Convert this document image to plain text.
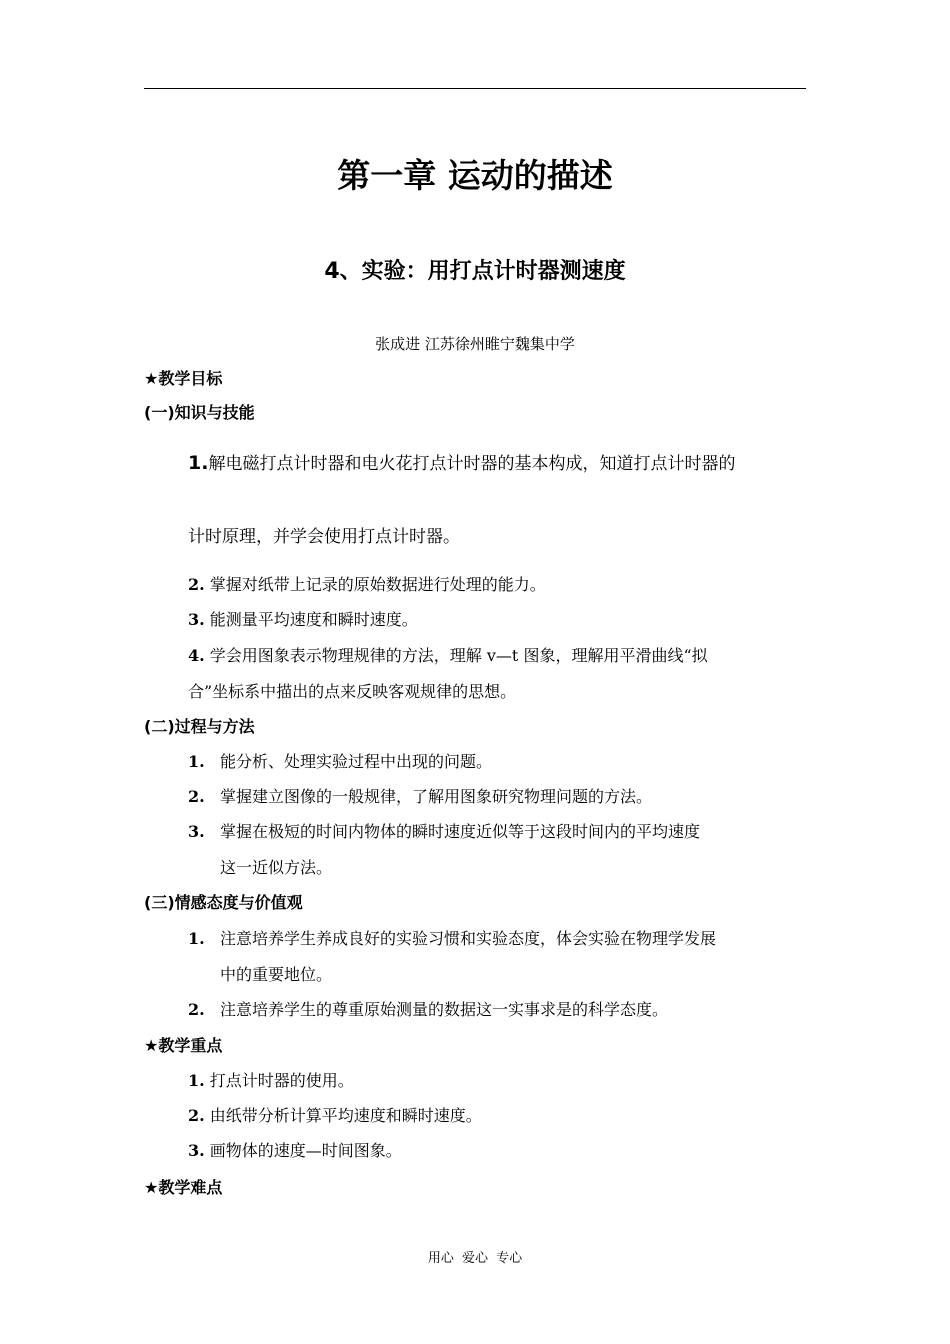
第一章 运动的描述
4、实验：用打点计时器测速度
张成进 江苏徐州睢宁魏集中学
★教学目标
(一)知识与技能
1.解电磁打点计时器和电火花打点计时器的基本构成，知道打点计时器的
计时原理，并学会使用打点计时器。
2. 掌握对纸带上记录的原始数据进行处理的能力。
3. 能测量平均速度和瞬时速度。
4. 学会用图象表示物理规律的方法，理解 v—t 图象，理解用平滑曲线“拟
合”坐标系中描出的点来反映客观规律的思想。
(二)过程与方法
1. 能分析、处理实验过程中出现的问题。
2. 掌握建立图像的一般规律，了解用图象研究物理问题的方法。
3. 掌握在极短的时间内物体的瞬时速度近似等于这段时间内的平均速度
这一近似方法。
(三)情感态度与价值观
1. 注意培养学生养成良好的实验习惯和实验态度，体会实验在物理学发展
中的重要地位。
2. 注意培养学生的尊重原始测量的数据这一实事求是的科学态度。
★教学重点
1. 打点计时器的使用。
2. 由纸带分析计算平均速度和瞬时速度。
3. 画物体的速度—时间图象。
★教学难点
用心 爱心 专心
